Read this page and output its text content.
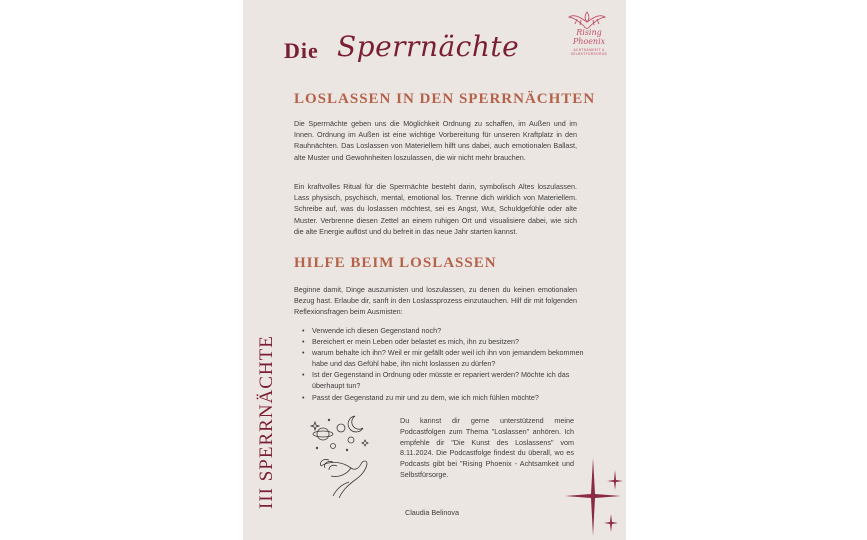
Die Sperrnächte	Rising Phoenix
ACHTSAMKEIT & SELBSTFÜRSORGE
LOSLASSEN IN DEN SPERRNÄCHTEN
Die Sperrnächte geben uns die Möglichkeit Ordnung zu schaffen, im Außen und im Innen. Ordnung im Außen ist eine wichtige Vorbereitung für unseren Kraftplatz in den Rauhnächten. Das Loslassen von Materiellem hilft uns dabei, auch emotionalen Ballast, alte Muster und Gewohnheiten loszulassen, die wir nicht mehr brauchen.
Ein kraftvolles Ritual für die Sperrnächte besteht darin, symbolisch Altes loszulassen. Lass physisch, psychisch, mental, emotional los. Trenne dich wirklich von Materiellem. Schreibe auf, was du loslassen möchtest, sei es Angst, Wut, Schuldgefühle oder alte Muster. Verbrenne diesen Zettel an einem ruhigen Ort und visualisiere dabei, wie sich die alte Energie auflöst und du befreit in das neue Jahr starten kannst.
HILFE BEIM LOSLASSEN
Beginne damit, Dinge auszumisten und loszulassen, zu denen du keinen emotionalen Bezug hast. Erlaube dir, sanft in den Loslassprozess einzutauchen. Hilf dir mit folgenden Reflexionsfragen beim Ausmisten:
• Verwende ich diesen Gegenstand noch?
• Bereichert er mein Leben oder belastet es mich, ihn zu besitzen?
• warum behalte ich ihn? Weil er mir gefällt oder weil ich ihn von jemandem bekommen habe und das Gefühl habe, ihn nicht loslassen zu dürfen?
• Ist der Gegenstand in Ordnung oder müsste er repariert werden? Möchte ich das überhaupt tun?
• Passt der Gegenstand zu mir und zu dem, wie ich mich fühlen möchte?
Du kannst dir gerne unterstützend meine Podcastfolgen zum Thema "Loslassen" anhören. Ich empfehle dir "Die Kunst des Loslassens" vom 8.11.2024. Die Podcastfolge findest du überall, wo es Podcasts gibt bei "Rising Phoenix - Achtsamkeit und Selbstfürsorge.
Claudia Belinova
III SPERRNÄCHTE
